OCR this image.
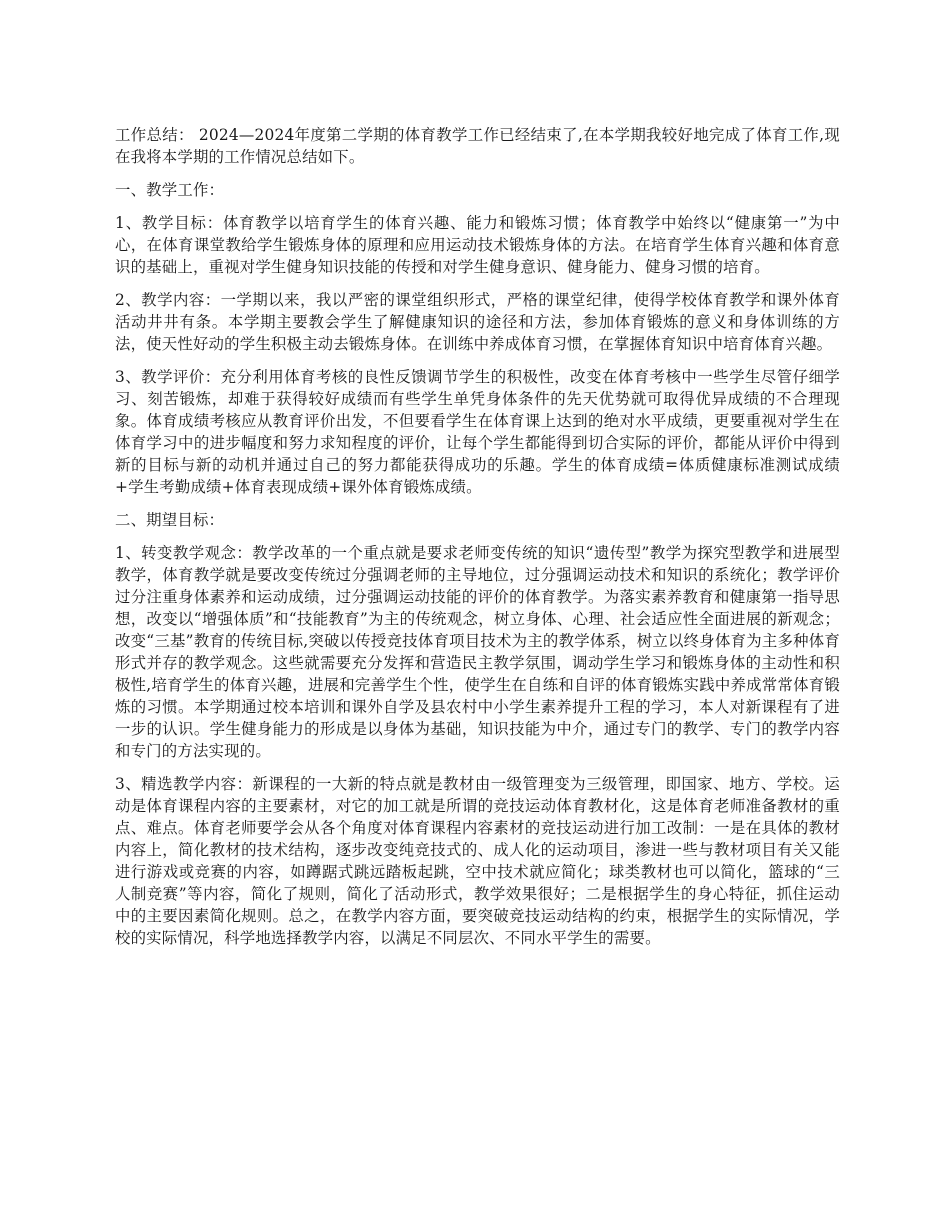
工作总结： 2024—2024年度第二学期的体育教学工作已经结束了,在本学期我较好地完成了体育工作,现在我将本学期的工作情况总结如下。

一、教学工作：

1、教学目标：体育教学以培育学生的体育兴趣、能力和锻炼习惯；体育教学中始终以“健康第一”为中心，在体育课堂教给学生锻炼身体的原理和应用运动技术锻炼身体的方法。在培育学生体育兴趣和体育意识的基础上，重视对学生健身知识技能的传授和对学生健身意识、健身能力、健身习惯的培育。

2、教学内容：一学期以来，我以严密的课堂组织形式，严格的课堂纪律，使得学校体育教学和课外体育活动井井有条。本学期主要教会学生了解健康知识的途径和方法，参加体育锻炼的意义和身体训练的方法，使天性好动的学生积极主动去锻炼身体。在训练中养成体育习惯，在掌握体育知识中培育体育兴趣。

3、教学评价：充分利用体育考核的良性反馈调节学生的积极性，改变在体育考核中一些学生尽管仔细学习、刻苦锻炼，却难于获得较好成绩而有些学生单凭身体条件的先天优势就可取得优异成绩的不合理现象。体育成绩考核应从教育评价出发，不但要看学生在体育课上达到的绝对水平成绩，更要重视对学生在体育学习中的进步幅度和努力求知程度的评价，让每个学生都能得到切合实际的评价，都能从评价中得到新的目标与新的动机并通过自己的努力都能获得成功的乐趣。学生的体育成绩=体质健康标准测试成绩+学生考勤成绩+体育表现成绩+课外体育锻炼成绩。

二、期望目标：

1、转变教学观念：教学改革的一个重点就是要求老师变传统的知识“遗传型”教学为探究型教学和进展型教学，体育教学就是要改变传统过分强调老师的主导地位，过分强调运动技术和知识的系统化；教学评价过分注重身体素养和运动成绩，过分强调运动技能的评价的体育教学。为落实素养教育和健康第一指导思想，改变以“增强体质”和“技能教育”为主的传统观念，树立身体、心理、社会适应性全面进展的新观念；改变“三基”教育的传统目标,突破以传授竞技体育项目技术为主的教学体系，树立以终身体育为主多种体育形式并存的教学观念。这些就需要充分发挥和营造民主教学氛围，调动学生学习和锻炼身体的主动性和积极性,培育学生的体育兴趣，进展和完善学生个性，使学生在自练和自评的体育锻炼实践中养成常常体育锻炼的习惯。本学期通过校本培训和课外自学及县农村中小学生素养提升工程的学习，本人对新课程有了进一步的认识。学生健身能力的形成是以身体为基础，知识技能为中介，通过专门的教学、专门的教学内容和专门的方法实现的。

3、精选教学内容：新课程的一大新的特点就是教材由一级管理变为三级管理，即国家、地方、学校。运动是体育课程内容的主要素材，对它的加工就是所谓的竞技运动体育教材化，这是体育老师准备教材的重点、难点。体育老师要学会从各个角度对体育课程内容素材的竞技运动进行加工改制：一是在具体的教材内容上，简化教材的技术结构，逐步改变纯竞技式的、成人化的运动项目，渗进一些与教材项目有关又能进行游戏或竞赛的内容，如蹲踞式跳远踏板起跳，空中技术就应简化；球类教材也可以简化，篮球的“三人制竞赛”等内容，简化了规则，简化了活动形式，教学效果很好；二是根据学生的身心特征，抓住运动中的主要因素简化规则。总之，在教学内容方面，要突破竞技运动结构的约束，根据学生的实际情况，学校的实际情况，科学地选择教学内容，以满足不同层次、不同水平学生的需要。
